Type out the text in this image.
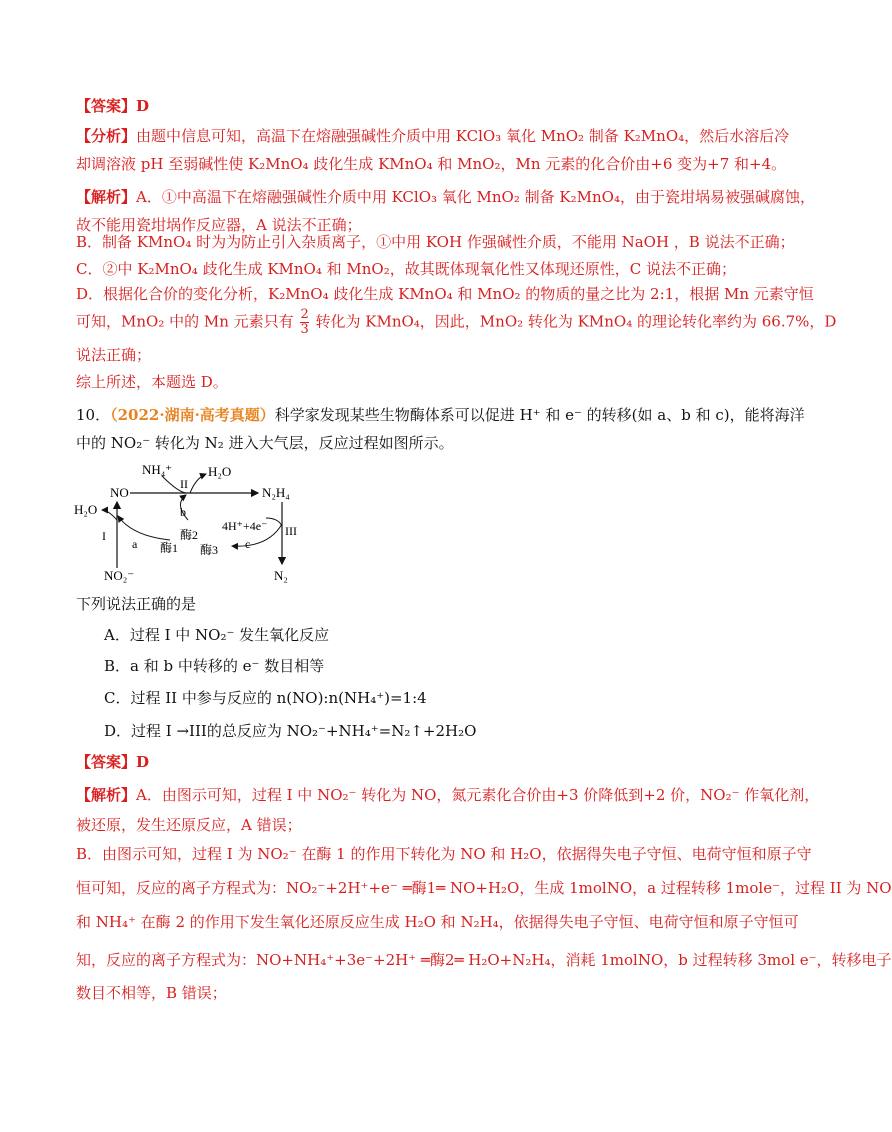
【答案】D
【分析】由题中信息可知，高温下在熔融强碱性介质中用 KClO₃ 氧化 MnO₂ 制备 K₂MnO₄，然后水溶后冷
却调溶液 pH 至弱碱性使 K₂MnO₄ 歧化生成 KMnO₄ 和 MnO₂，Mn 元素的化合价由+6 变为+7 和+4。
【解析】A．①中高温下在熔融强碱性介质中用 KClO₃ 氧化 MnO₂ 制备 K₂MnO₄，由于瓷坩埚易被强碱腐蚀，
故不能用瓷坩埚作反应器，A 说法不正确；
B．制备 KMnO₄ 时为为防止引入杂质离子，①中用 KOH 作强碱性介质，不能用 NaOH ，B 说法不正确；
C．②中 K₂MnO₄ 歧化生成 KMnO₄ 和 MnO₂，故其既体现氧化性又体现还原性，C 说法不正确；
D．根据化合价的变化分析，K₂MnO₄ 歧化生成 KMnO₄ 和 MnO₂ 的物质的量之比为 2:1，根据 Mn 元素守恒
可知，MnO₂ 中的 Mn 元素只有 $\frac{2}{3}$ 转化为 KMnO₄，因此，MnO₂ 转化为 KMnO₄ 的理论转化率约为 66.7%，D
说法正确；
综上所述，本题选 D。
10．（2022·湖南·高考真题）科学家发现某些生物酶体系可以促进 H⁺ 和 e⁻ 的转移(如 a、b 和 c)，能将海洋
中的 NO₂⁻ 转化为 N₂ 进入大气层，反应过程如图所示。
NH₄⁺	H₂O
NO
II
N₂H₄
H₂O	b
酶2
4H⁺+4e⁻ III
I
a 酶1 酶3 c
NO₂⁻	N₂
下列说法正确的是
A．过程 I 中 NO₂⁻ 发生氧化反应
B．a 和 b 中转移的 e⁻ 数目相等
C．过程 II 中参与反应的 n(NO):n(NH₄⁺)=1:4
D．过程 I →III的总反应为 NO₂⁻+NH₄⁺=N₂↑+2H₂O
【答案】D
【解析】A．由图示可知，过程 I 中 NO₂⁻ 转化为 NO，氮元素化合价由+3 价降低到+2 价，NO₂⁻ 作氧化剂，
被还原，发生还原反应，A 错误；
B．由图示可知，过程 I 为 NO₂⁻ 在酶 1 的作用下转化为 NO 和 H₂O，依据得失电子守恒、电荷守恒和原子守
恒可知，反应的离子方程式为：NO₂⁻+2H⁺+e⁻ ═酶1═ NO+H₂O，生成 1molNO，a 过程转移 1mole⁻，过程 II 为 NO
和 NH₄⁺ 在酶 2 的作用下发生氧化还原反应生成 H₂O 和 N₂H₄，依据得失电子守恒、电荷守恒和原子守恒可
知，反应的离子方程式为：NO+NH₄⁺+3e⁻+2H⁺ ═酶2═ H₂O+N₂H₄，消耗 1molNO，b 过程转移 3mol e⁻，转移电子
数目不相等，B 错误；
